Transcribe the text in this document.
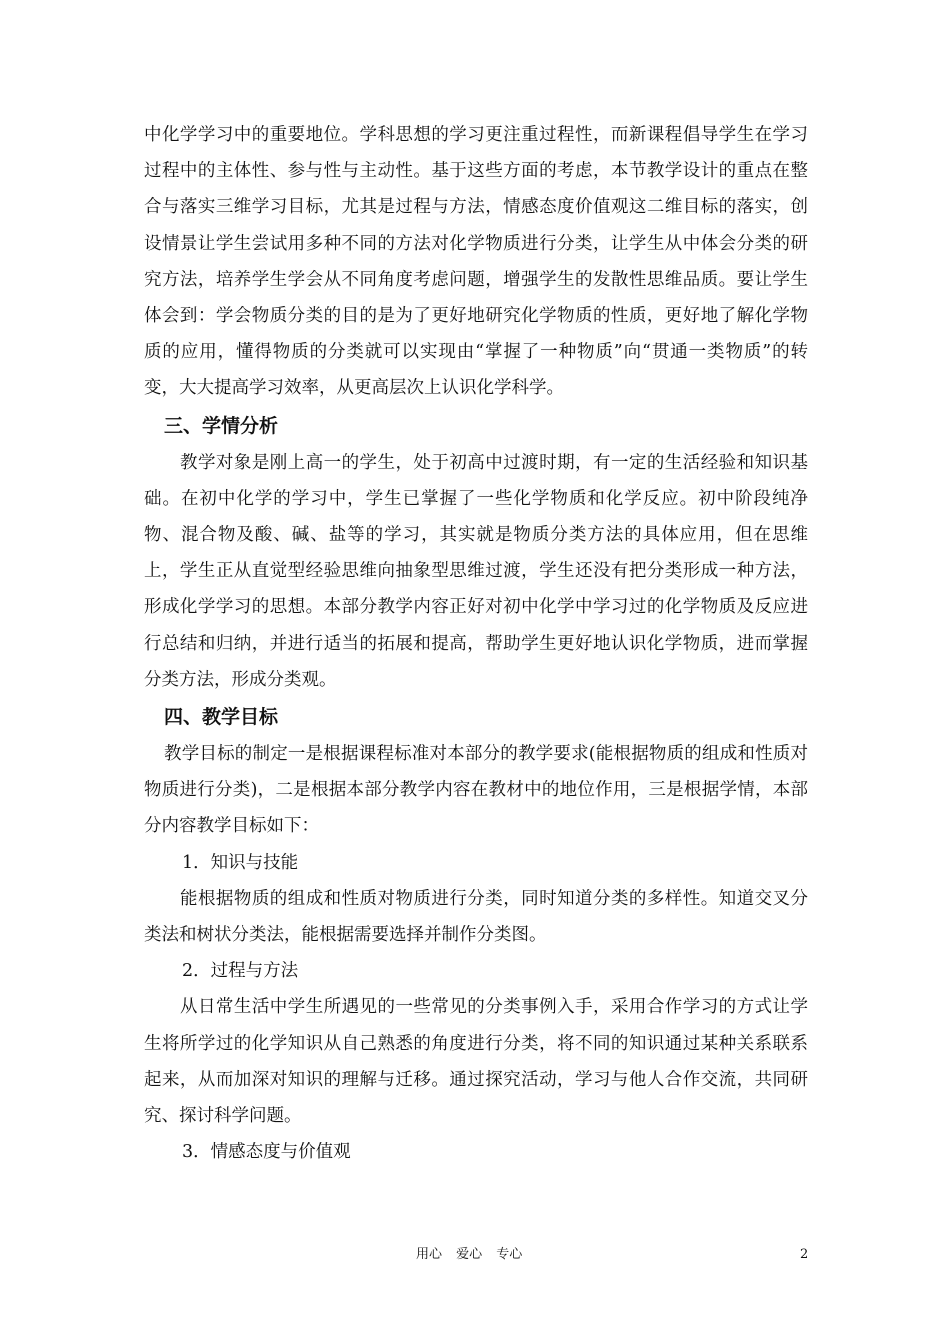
中化学学习中的重要地位。学科思想的学习更注重过程性，而新课程倡导学生在学习过程中的主体性、参与性与主动性。基于这些方面的考虑，本节教学设计的重点在整合与落实三维学习目标，尤其是过程与方法，情感态度价值观这二维目标的落实，创设情景让学生尝试用多种不同的方法对化学物质进行分类，让学生从中体会分类的研究方法，培养学生学会从不同角度考虑问题，增强学生的发散性思维品质。要让学生体会到：学会物质分类的目的是为了更好地研究化学物质的性质，更好地了解化学物质的应用，懂得物质的分类就可以实现由“掌握了一种物质”向“贯通一类物质”的转变，大大提高学习效率，从更高层次上认识化学科学。

三、学情分析

教学对象是刚上高一的学生，处于初高中过渡时期，有一定的生活经验和知识基础。在初中化学的学习中，学生已掌握了一些化学物质和化学反应。初中阶段纯净物、混合物及酸、碱、盐等的学习，其实就是物质分类方法的具体应用，但在思维上，学生正从直觉型经验思维向抽象型思维过渡，学生还没有把分类形成一种方法，形成化学学习的思想。本部分教学内容正好对初中化学中学习过的化学物质及反应进行总结和归纳，并进行适当的拓展和提高，帮助学生更好地认识化学物质，进而掌握分类方法，形成分类观。

四、教学目标

教学目标的制定一是根据课程标准对本部分的教学要求(能根据物质的组成和性质对物质进行分类)，二是根据本部分教学内容在教材中的地位作用，三是根据学情，本部分内容教学目标如下：

1．知识与技能

能根据物质的组成和性质对物质进行分类，同时知道分类的多样性。知道交叉分类法和树状分类法，能根据需要选择并制作分类图。

2．过程与方法

从日常生活中学生所遇见的一些常见的分类事例入手，采用合作学习的方式让学生将所学过的化学知识从自己熟悉的角度进行分类，将不同的知识通过某种关系联系起来，从而加深对知识的理解与迁移。通过探究活动，学习与他人合作交流，共同研究、探讨科学问题。

3．情感态度与价值观

用心 爱心 专心	2
